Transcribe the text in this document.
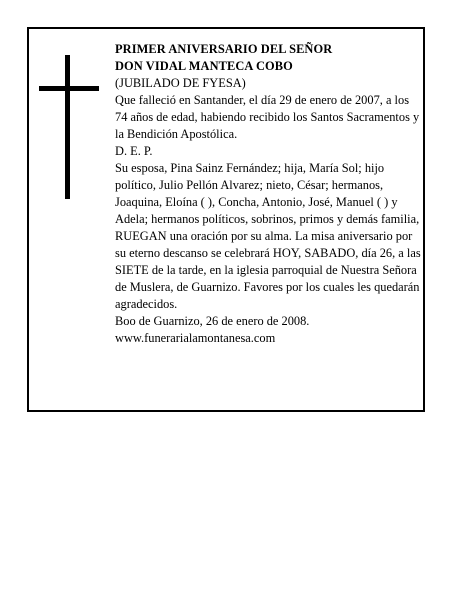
PRIMER ANIVERSARIO DEL SEÑOR

DON VIDAL MANTECA COBO

(JUBILADO DE FYESA)

Que falleció en Santander, el día 29 de enero de 2007, a los 74 años de edad, habiendo recibido los Santos Sacramentos y la Bendición Apostólica.

D. E. P.

Su esposa, Pina Sainz Fernández; hija, María Sol; hijo político, Julio Pellón Alvarez; nieto, César; hermanos, Joaquina, Eloína ( ), Concha, Antonio, José, Manuel ( ) y Adela; hermanos políticos, sobrinos, primos y demás familia,

RUEGAN una oración por su alma. La misa aniversario por su eterno descanso se celebrará HOY, SABADO, día 26, a las SIETE de la tarde, en la iglesia parroquial de Nuestra Señora de Muslera, de Guarnizo. Favores por los cuales les quedarán agradecidos.

Boo de Guarnizo, 26 de enero de 2008.

www.funerarialamontanesa.com
